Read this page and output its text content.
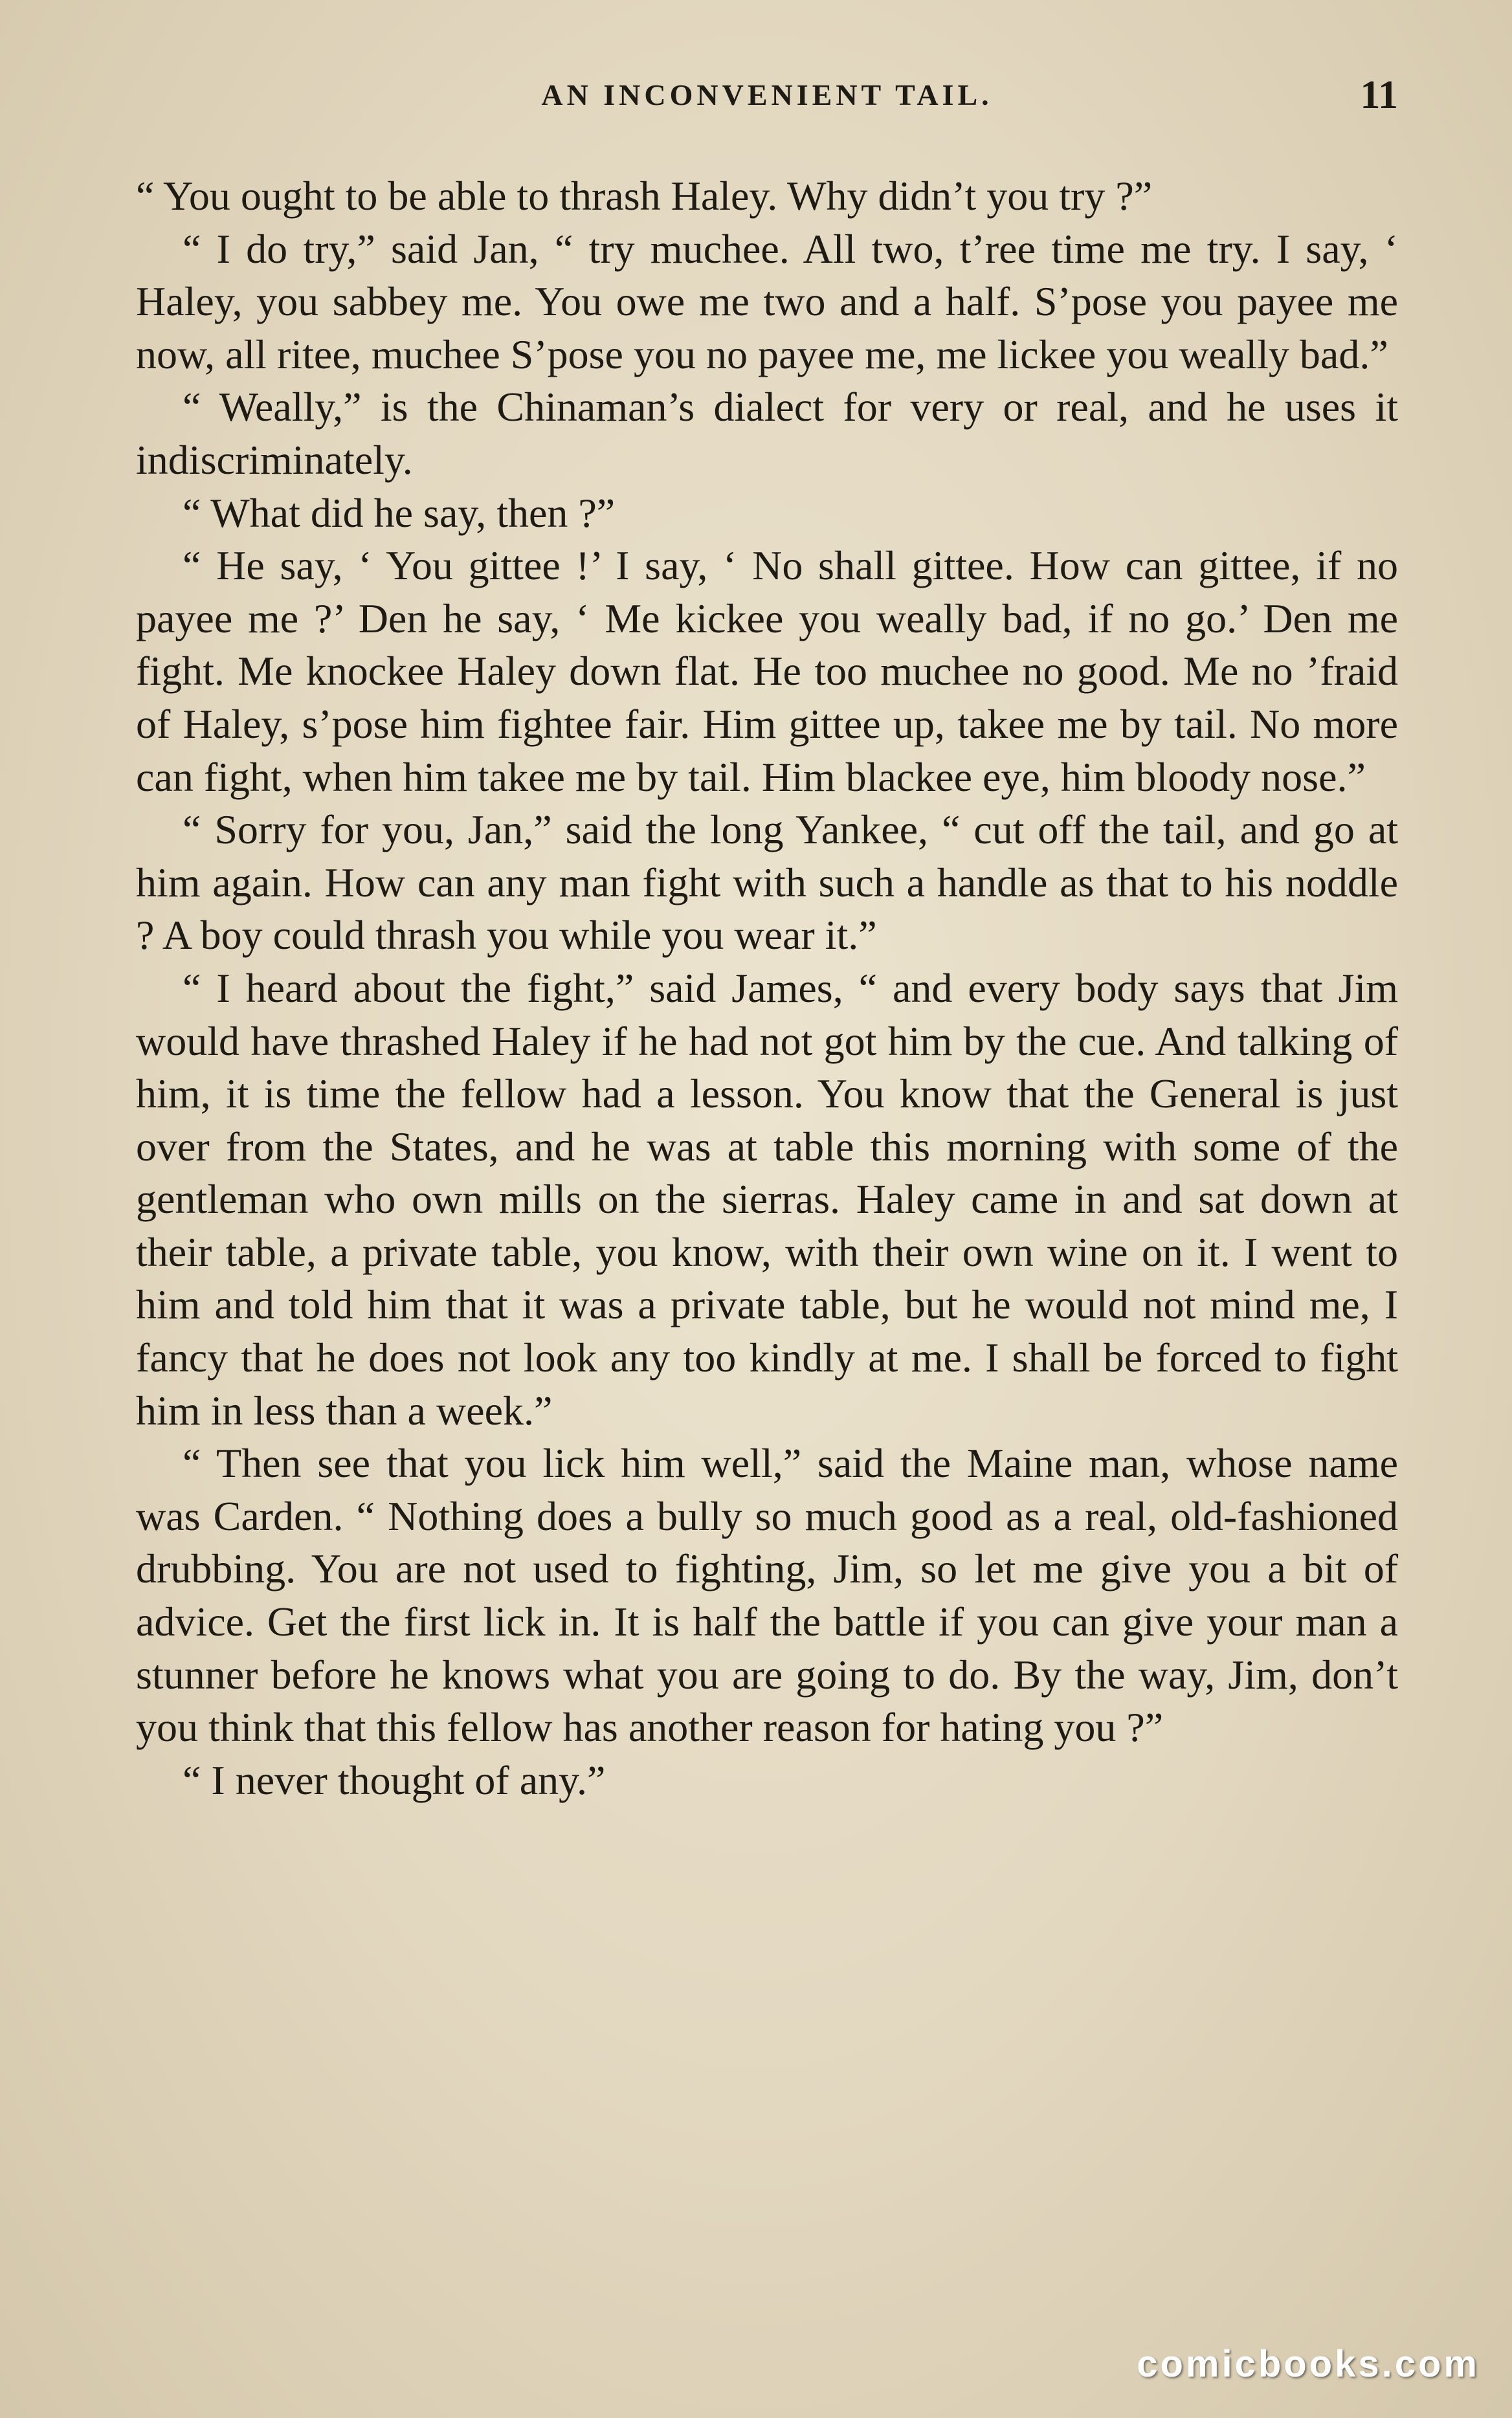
AN INCONVENIENT TAIL.	11

“ You ought to be able to thrash Haley. Why didn’t you try ?”

“ I do try,” said Jan, “ try muchee. All two, t’ree time me try. I say, ‘ Haley, you sabbey me. You owe me two and a half. S’pose you payee me now, all ritee, muchee S’pose you no payee me, me lickee you weally bad.”

“ Weally,” is the Chinaman’s dialect for very or real, and he uses it indiscriminately.

“ What did he say, then ?”

“ He say, ‘ You gittee !’ I say, ‘ No shall gittee. How can gittee, if no payee me ?’ Den he say, ‘ Me kickee you weally bad, if no go.’ Den me fight. Me knockee Haley down flat. He too muchee no good. Me no ’fraid of Haley, s’pose him fightee fair. Him gittee up, takee me by tail. No more can fight, when him takee me by tail. Him blackee eye, him bloody nose.”

“ Sorry for you, Jan,” said the long Yankee, “ cut off the tail, and go at him again. How can any man fight with such a handle as that to his noddle ? A boy could thrash you while you wear it.”

“ I heard about the fight,” said James, “ and every body says that Jim would have thrashed Haley if he had not got him by the cue. And talking of him, it is time the fellow had a lesson. You know that the General is just over from the States, and he was at table this morning with some of the gentleman who own mills on the sierras. Haley came in and sat down at their table, a private table, you know, with their own wine on it. I went to him and told him that it was a private table, but he would not mind me, I fancy that he does not look any too kindly at me. I shall be forced to fight him in less than a week.”

“ Then see that you lick him well,” said the Maine man, whose name was Carden. “ Nothing does a bully so much good as a real, old-fashioned drubbing. You are not used to fighting, Jim, so let me give you a bit of advice. Get the first lick in. It is half the battle if you can give your man a stunner before he knows what you are going to do. By the way, Jim, don’t you think that this fellow has another reason for hating you ?”

“ I never thought of any.”

comicbooks.com
